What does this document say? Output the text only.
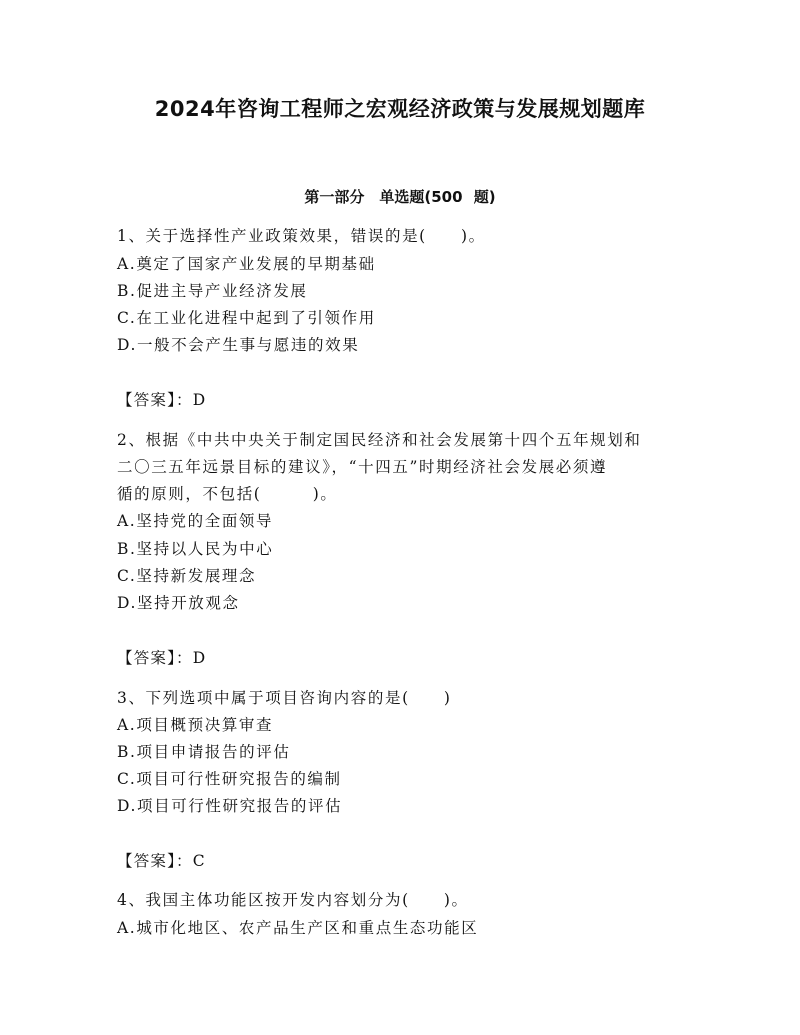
2024年咨询工程师之宏观经济政策与发展规划题库
第一部分　单选题(500 题)

1、关于选择性产业政策效果，错误的是(　　)。

A.奠定了国家产业发展的早期基础

B.促进主导产业经济发展

C.在工业化进程中起到了引领作用

D.一般不会产生事与愿违的效果

【答案】：D

2、根据《中共中央关于制定国民经济和社会发展第十四个五年规划和

二〇三五年远景目标的建议》，“十四五”时期经济社会发展必须遵

循的原则，不包括(　　　)。

A.坚持党的全面领导

B.坚持以人民为中心

C.坚持新发展理念

D.坚持开放观念

【答案】：D

3、下列选项中属于项目咨询内容的是(　　)

A.项目概预决算审查

B.项目申请报告的评估

C.项目可行性研究报告的编制

D.项目可行性研究报告的评估

【答案】：C

4、我国主体功能区按开发内容划分为(　　)。

A.城市化地区、农产品生产区和重点生态功能区
